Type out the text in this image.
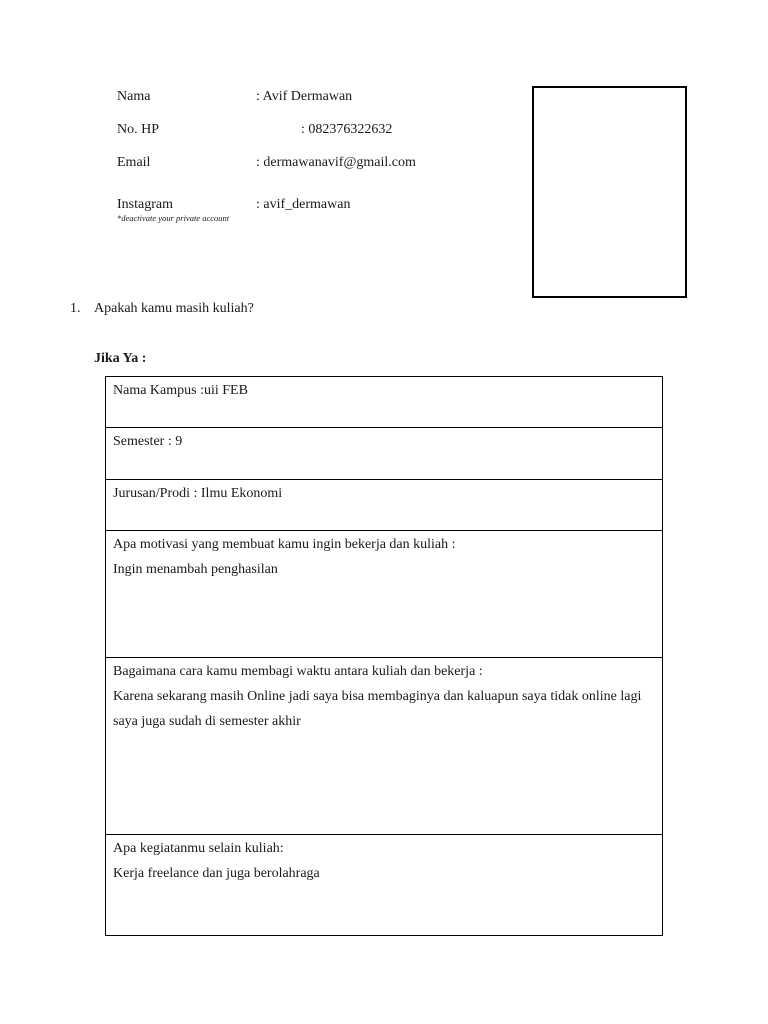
Nama	: Avif Dermawan
No. HP	: 082376322632
Email	: dermawanavif@gmail.com
Instagram	: avif_dermawan
*deactivate your private account
1. Apakah kamu masih kuliah?
Jika Ya :
Nama Kampus :uii FEB

Semester : 9

Jurusan/Prodi : Ilmu Ekonomi

Apa motivasi yang membuat kamu ingin bekerja dan kuliah :
Ingin menambah penghasilan

Bagaimana cara kamu membagi waktu antara kuliah dan bekerja :
Karena sekarang masih Online jadi saya bisa membaginya dan kaluapun saya tidak online lagi saya juga sudah di semester akhir

Apa kegiatanmu selain kuliah:
Kerja freelance dan juga berolahraga
